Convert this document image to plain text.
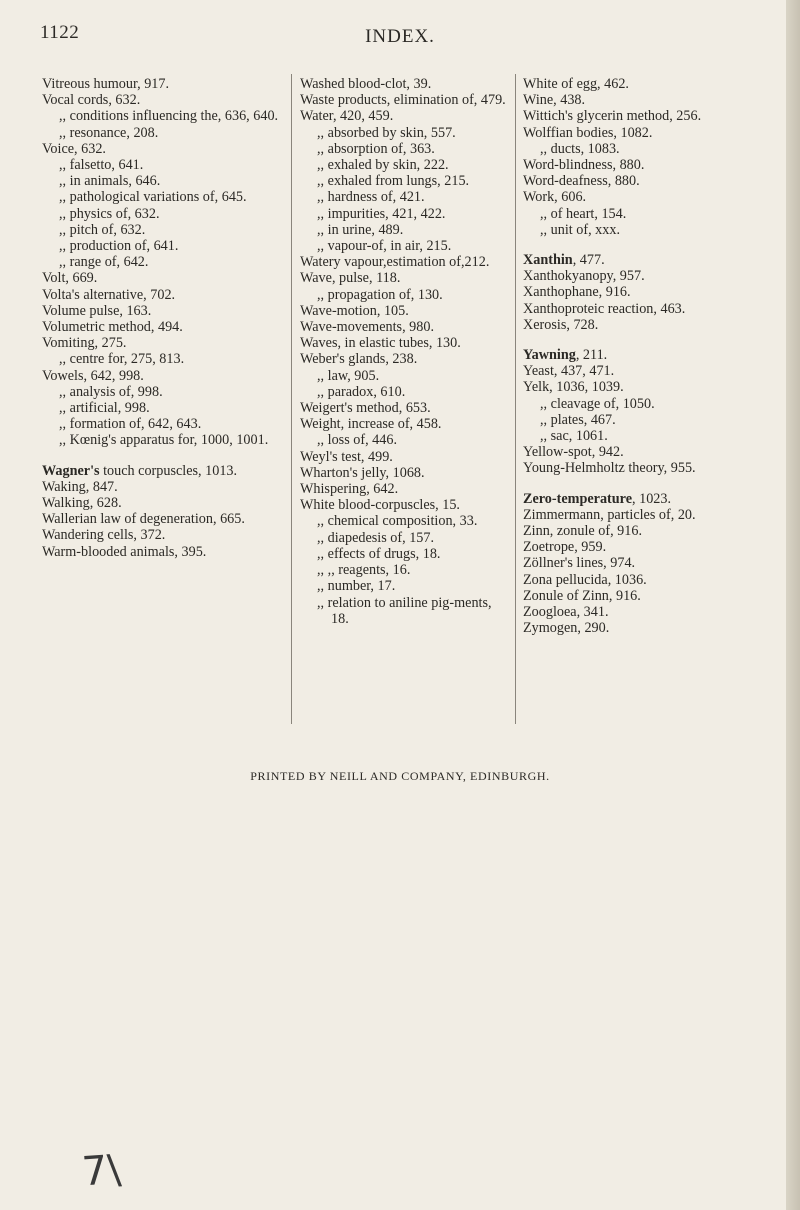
1122	INDEX.
Vitreous humour, 917.
Vocal cords, 632.
,, conditions influencing the, 636, 640.
,, resonance, 208.
Voice, 632.
,, falsetto, 641.
,, in animals, 646.
,, pathological variations of, 645.
,, physics of, 632.
,, pitch of, 632.
,, production of, 641.
,, range of, 642.
Volt, 669.
Volta's alternative, 702.
Volume pulse, 163.
Volumetric method, 494.
Vomiting, 275.
,, centre for, 275, 813.
Vowels, 642, 998.
,, analysis of, 998.
,, artificial, 998.
,, formation of, 642, 643.
,, Kœnig's apparatus for, 1000, 1001.
Wagner's touch corpuscles, 1013.
Waking, 847.
Walking, 628.
Wallerian law of degeneration, 665.
Wandering cells, 372.
Warm-blooded animals, 395.
Washed blood-clot, 39.
Waste products, elimination of, 479.
Water, 420, 459.
,, absorbed by skin, 557.
,, absorption of, 363.
,, exhaled by skin, 222.
,, exhaled from lungs, 215.
,, hardness of, 421.
,, impurities, 421, 422.
,, in urine, 489.
,, vapour-of, in air, 215.
Watery vapour,estimation of,212.
Wave, pulse, 118.
,, propagation of, 130.
Wave-motion, 105.
Wave-movements, 980.
Waves, in elastic tubes, 130.
Weber's glands, 238.
,, law, 905.
,, paradox, 610.
Weigert's method, 653.
Weight, increase of, 458.
,, loss of, 446.
Weyl's test, 499.
Wharton's jelly, 1068.
Whispering, 642.
White blood-corpuscles, 15.
,, chemical composition, 33.
,, diapedesis of, 157.
,, effects of drugs, 18.
,, ,, reagents, 16.
,, number, 17.
,, relation to aniline pig-ments, 18.
White of egg, 462.
Wine, 438.
Wittich's glycerin method, 256.
Wolffian bodies, 1082.
,, ducts, 1083.
Word-blindness, 880.
Word-deafness, 880.
Work, 606.
,, of heart, 154.
,, unit of, xxx.
Xanthin, 477.
Xanthokyanopy, 957.
Xanthophane, 916.
Xanthoproteic reaction, 463.
Xerosis, 728.
Yawning, 211.
Yeast, 437, 471.
Yelk, 1036, 1039.
,, cleavage of, 1050.
,, plates, 467.
,, sac, 1061.
Yellow-spot, 942.
Young-Helmholtz theory, 955.
Zero-temperature, 1023.
Zimmermann, particles of, 20.
Zinn, zonule of, 916.
Zoetrope, 959.
Zöllner's lines, 974.
Zona pellucida, 1036.
Zonule of Zinn, 916.
Zoogloea, 341.
Zymogen, 290.
PRINTED BY NEILL AND COMPANY, EDINBURGH.
7\
